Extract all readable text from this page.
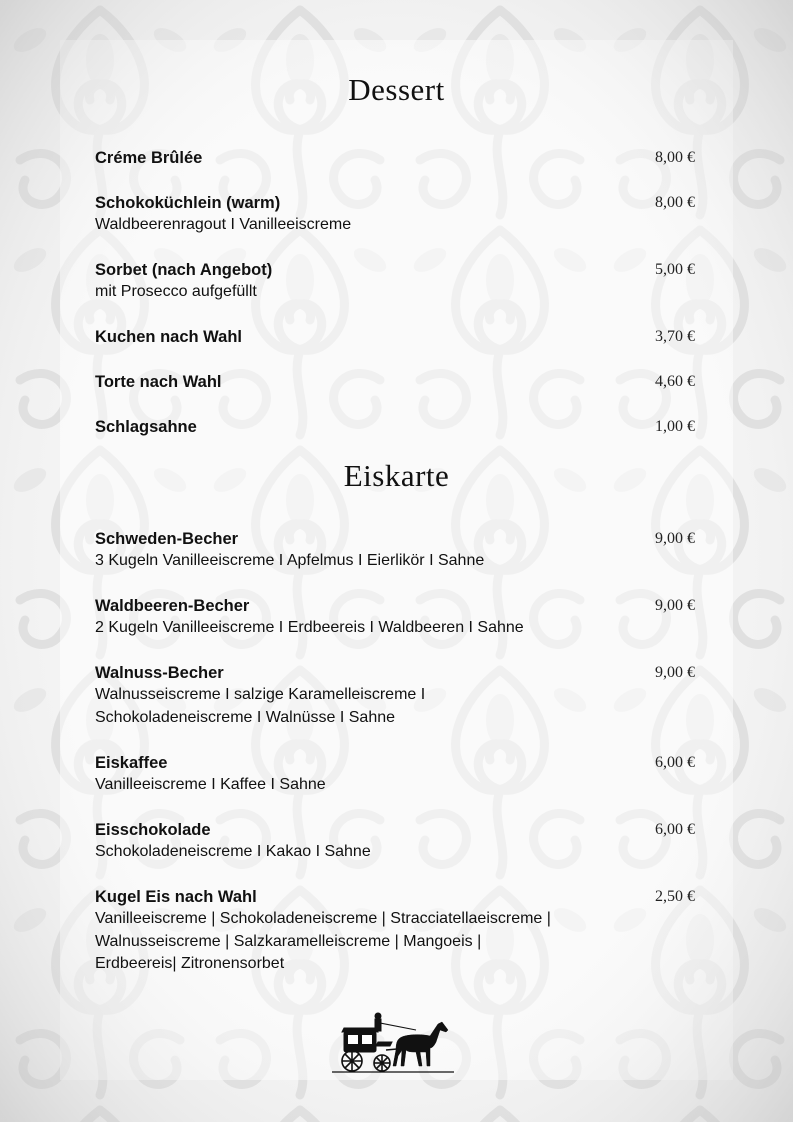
Dessert
Créme Brûlée	8,00 €
Schokoküchlein (warm)	8,00 €
Waldbeerenragout I Vanilleeiscreme
Sorbet (nach Angebot)	5,00 €
mit Prosecco aufgefüllt
Kuchen nach Wahl	3,70 €
Torte nach Wahl	4,60 €
Schlagsahne	1,00 €
Eiskarte
Schweden-Becher	9,00 €
3 Kugeln Vanilleeiscreme I Apfelmus I Eierlikör I Sahne
Waldbeeren-Becher	9,00 €
2 Kugeln Vanilleeiscreme I Erdbeereis I Waldbeeren I Sahne
Walnuss-Becher	9,00 €
Walnusseiscreme I salzige Karamelleiscreme I
Schokoladeneiscreme I Walnüsse I Sahne
Eiskaffee	6,00 €
Vanilleeiscreme I Kaffee I Sahne
Eisschokolade	6,00 €
Schokoladeneiscreme I Kakao I Sahne
Kugel Eis nach Wahl	2,50 €
Vanilleeiscreme | Schokoladeneiscreme | Stracciatellaeiscreme |
Walnusseiscreme | Salzkaramelleiscreme | Mangoeis |
Erdbeereis| Zitronensorbet
